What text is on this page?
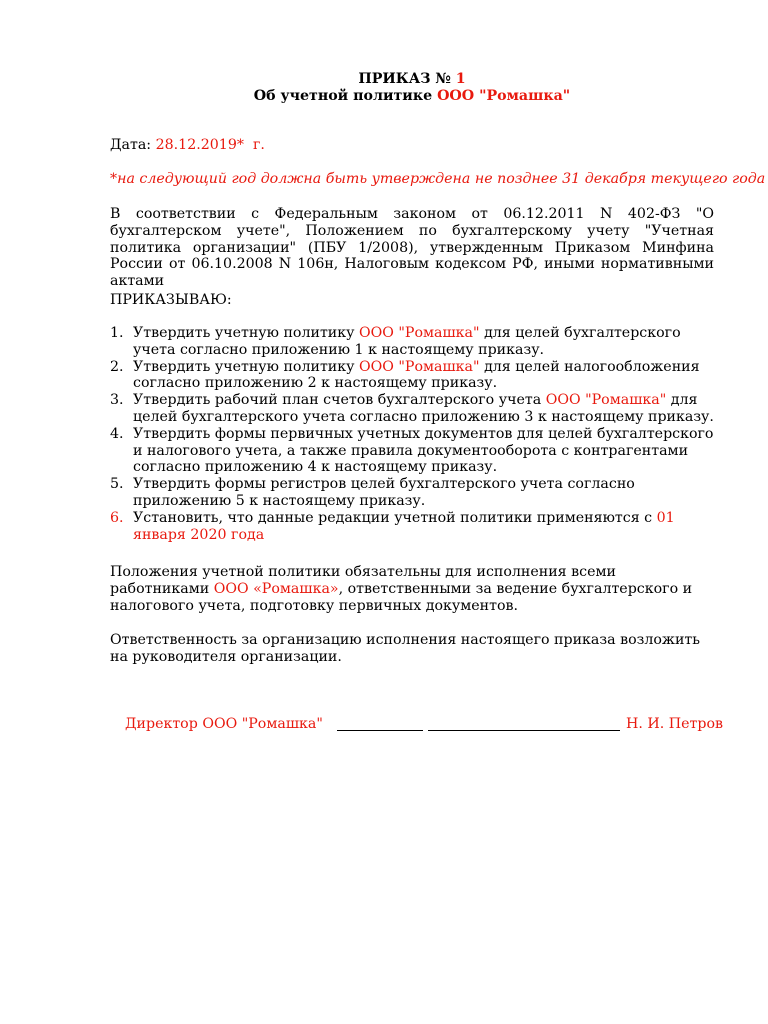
ПРИКАЗ № 1
Об учетной политике ООО "Ромашка"
Дата: 28.12.2019* г.
*на следующий год должна быть утверждена не позднее 31 декабря текущего года
В соответствии с Федеральным законом от 06.12.2011 N 402-ФЗ "О бухгалтерском учете", Положением по бухгалтерскому учету "Учетная политика организации" (ПБУ 1/2008), утвержденным Приказом Минфина России от 06.10.2008 N 106н, Налоговым кодексом РФ, иными нормативными актами
ПРИКАЗЫВАЮ:
1. Утвердить учетную политику ООО "Ромашка" для целей бухгалтерского учета согласно приложению 1 к настоящему приказу.
2. Утвердить учетную политику ООО "Ромашка" для целей налогообложения согласно приложению 2 к настоящему приказу.
3. Утвердить рабочий план счетов бухгалтерского учета ООО "Ромашка" для целей бухгалтерского учета согласно приложению 3 к настоящему приказу.
4. Утвердить формы первичных учетных документов для целей бухгалтерского и налогового учета, а также правила документооборота с контрагентами согласно приложению 4 к настоящему приказу.
5. Утвердить формы регистров целей бухгалтерского учета согласно приложению 5 к настоящему приказу.
6. Установить, что данные редакции учетной политики применяются с 01 января 2020 года
Положения учетной политики обязательны для исполнения всеми работниками ООО «Ромашка», ответственными за ведение бухгалтерского и налогового учета, подготовку первичных документов.
Ответственность за организацию исполнения настоящего приказа возложить на руководителя организации.
Директор ООО "Ромашка"	Н. И. Петров
